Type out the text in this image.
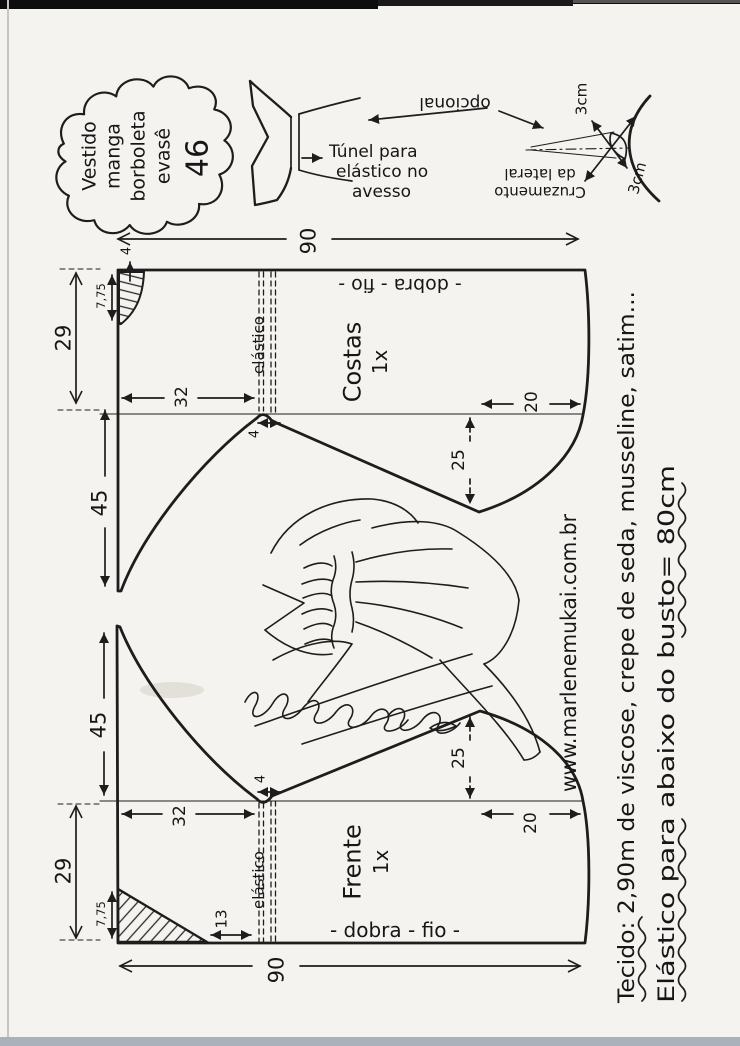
Vestido manga borboleta evasê 46	Túnel para
elástico no
avesso
opcional	3cm
3cm
Cruzamento
da lateral
90
elástico
- dobra - fio -
Costas 1x
29
45
32
4
7,75
4
25
20
elástico
- dobra - fio -
Frente 1x
45
29
7,75
32
13
4
25
20
90
www.marlenemukai.com.br Tecido: 2,90m de viscose, crepe de seda, musseline, satim... Elástico para abaixo do busto= 80cm
